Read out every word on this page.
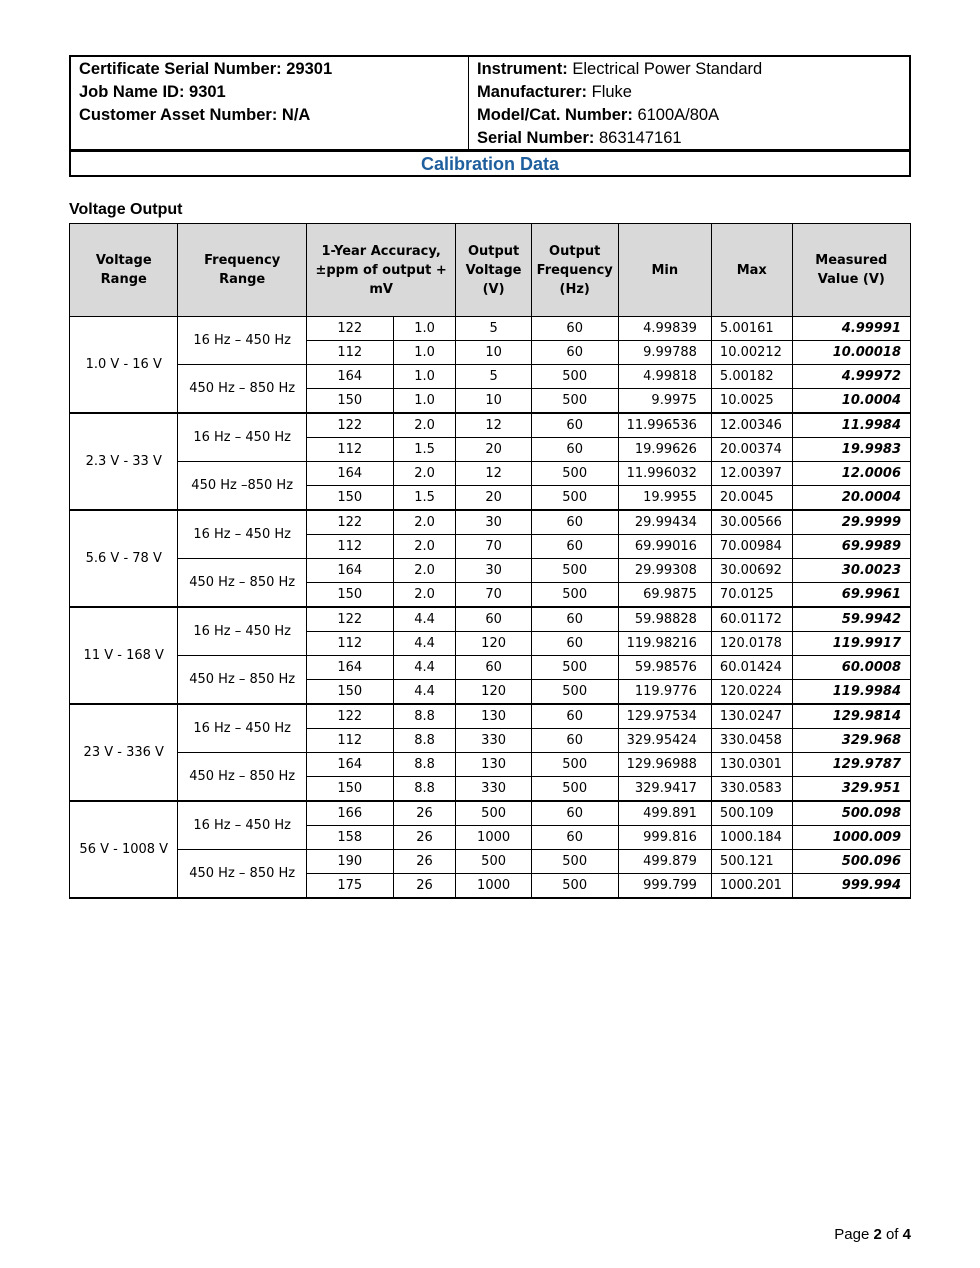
Certificate Serial Number: 29301
Job Name ID: 9301
Customer Asset Number: N/A
Instrument: Electrical Power Standard
Manufacturer: Fluke
Model/Cat. Number: 6100A/80A
Serial Number: 863147161
Calibration Data
Voltage Output
Voltage Range	Frequency Range	1-Year Accuracy, ±ppm of output + mV		Output Voltage (V)	Output Frequency (Hz)	Min	Max	Measured Value (V)
1.0 V - 16 V	16 Hz – 450 Hz	122	1.0	5	60	4.99839	5.00161	4.99991
		112	1.0	10	60	9.99788	10.00212	10.00018
	450 Hz – 850 Hz	164	1.0	5	500	4.99818	5.00182	4.99972
		150	1.0	10	500	9.9975	10.0025	10.0004
2.3 V - 33 V	16 Hz – 450 Hz	122	2.0	12	60	11.996536	12.00346	11.9984
		112	1.5	20	60	19.99626	20.00374	19.9983
	450 Hz –850 Hz	164	2.0	12	500	11.996032	12.00397	12.0006
		150	1.5	20	500	19.9955	20.0045	20.0004
5.6 V - 78 V	16 Hz – 450 Hz	122	2.0	30	60	29.99434	30.00566	29.9999
		112	2.0	70	60	69.99016	70.00984	69.9989
	450 Hz – 850 Hz	164	2.0	30	500	29.99308	30.00692	30.0023
		150	2.0	70	500	69.9875	70.0125	69.9961
11 V - 168 V	16 Hz – 450 Hz	122	4.4	60	60	59.98828	60.01172	59.9942
		112	4.4	120	60	119.98216	120.0178	119.9917
	450 Hz – 850 Hz	164	4.4	60	500	59.98576	60.01424	60.0008
		150	4.4	120	500	119.9776	120.0224	119.9984
23 V - 336 V	16 Hz – 450 Hz	122	8.8	130	60	129.97534	130.0247	129.9814
		112	8.8	330	60	329.95424	330.0458	329.968
	450 Hz – 850 Hz	164	8.8	130	500	129.96988	130.0301	129.9787
		150	8.8	330	500	329.9417	330.0583	329.951
56 V - 1008 V	16 Hz – 450 Hz	166	26	500	60	499.891	500.109	500.098
		158	26	1000	60	999.816	1000.184	1000.009
	450 Hz – 850 Hz	190	26	500	500	499.879	500.121	500.096
		175	26	1000	500	999.799	1000.201	999.994
Page 2 of 4
